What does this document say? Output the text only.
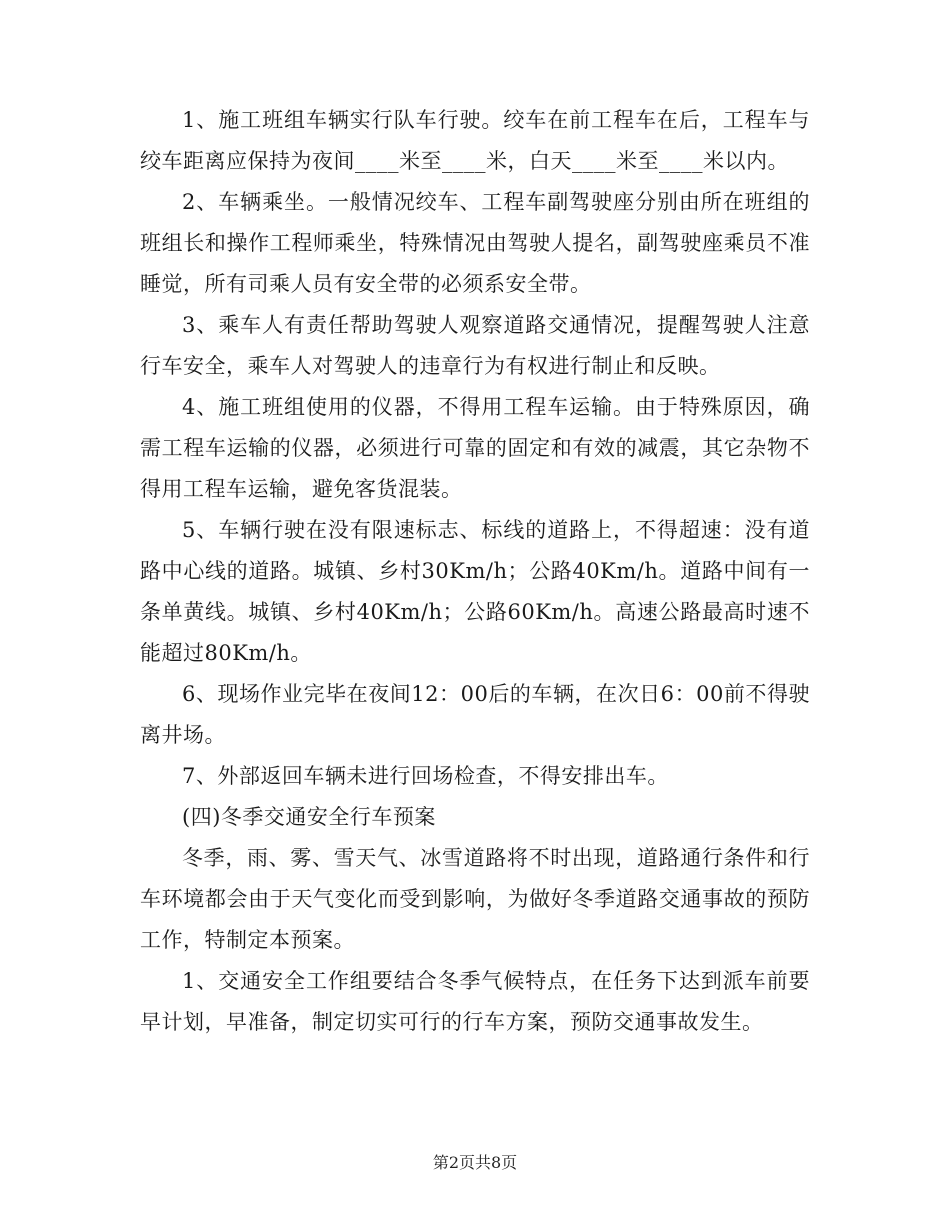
1、施工班组车辆实行队车行驶。绞车在前工程车在后，工程车与绞车距离应保持为夜间____米至____米，白天____米至____米以内。

2、车辆乘坐。一般情况绞车、工程车副驾驶座分别由所在班组的班组长和操作工程师乘坐，特殊情况由驾驶人提名，副驾驶座乘员不准睡觉，所有司乘人员有安全带的必须系安全带。

3、乘车人有责任帮助驾驶人观察道路交通情况，提醒驾驶人注意行车安全，乘车人对驾驶人的违章行为有权进行制止和反映。

4、施工班组使用的仪器，不得用工程车运输。由于特殊原因，确需工程车运输的仪器，必须进行可靠的固定和有效的减震，其它杂物不得用工程车运输，避免客货混装。

5、车辆行驶在没有限速标志、标线的道路上，不得超速：没有道路中心线的道路。城镇、乡村30Km/h；公路40Km/h。道路中间有一条单黄线。城镇、乡村40Km/h；公路60Km/h。高速公路最高时速不能超过80Km/h。

6、现场作业完毕在夜间12：00后的车辆，在次日6：00前不得驶离井场。

7、外部返回车辆未进行回场检查，不得安排出车。

(四)冬季交通安全行车预案

冬季，雨、雾、雪天气、冰雪道路将不时出现，道路通行条件和行车环境都会由于天气变化而受到影响，为做好冬季道路交通事故的预防工作，特制定本预案。

1、交通安全工作组要结合冬季气候特点，在任务下达到派车前要早计划，早准备，制定切实可行的行车方案，预防交通事故发生。

第2页共8页
